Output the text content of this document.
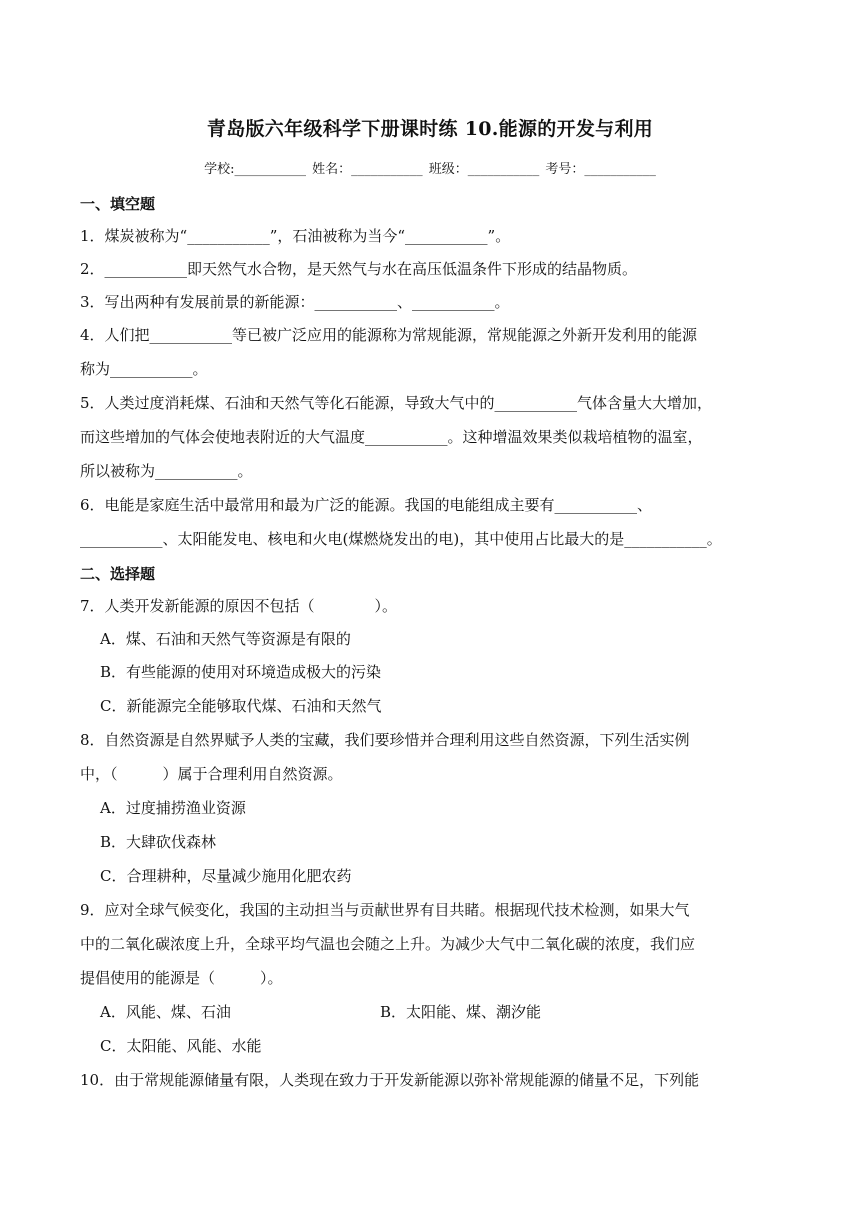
青岛版六年级科学下册课时练 10.能源的开发与利用
学校:___________ 姓名：___________ 班级：___________ 考号：___________
一、填空题
1．煤炭被称为“___________”，石油被称为当今“___________”。
2．___________即天然气水合物，是天然气与水在高压低温条件下形成的结晶物质。
3．写出两种有发展前景的新能源：___________、___________。
4．人们把___________等已被广泛应用的能源称为常规能源，常规能源之外新开发利用的能源
称为___________。
5．人类过度消耗煤、石油和天然气等化石能源，导致大气中的___________气体含量大大增加，
而这些增加的气体会使地表附近的大气温度___________。这种增温效果类似栽培植物的温室，
所以被称为___________。
6．电能是家庭生活中最常用和最为广泛的能源。我国的电能组成主要有___________、
___________、太阳能发电、核电和火电(煤燃烧发出的电)，其中使用占比最大的是___________。
二、选择题
7．人类开发新能源的原因不包括（　　　　）。
A．煤、石油和天然气等资源是有限的
B．有些能源的使用对环境造成极大的污染
C．新能源完全能够取代煤、石油和天然气
8．自然资源是自然界赋予人类的宝藏，我们要珍惜并合理利用这些自然资源，下列生活实例
中，（　　　）属于合理利用自然资源。
A．过度捕捞渔业资源
B．大肆砍伐森林
C．合理耕种，尽量减少施用化肥农药
9．应对全球气候变化，我国的主动担当与贡献世界有目共睹。根据现代技术检测，如果大气
中的二氧化碳浓度上升，全球平均气温也会随之上升。为减少大气中二氧化碳的浓度，我们应
提倡使用的能源是（　　　）。
A．风能、煤、石油	B．太阳能、煤、潮汐能
C．太阳能、风能、水能
10．由于常规能源储量有限，人类现在致力于开发新能源以弥补常规能源的储量不足，下列能
